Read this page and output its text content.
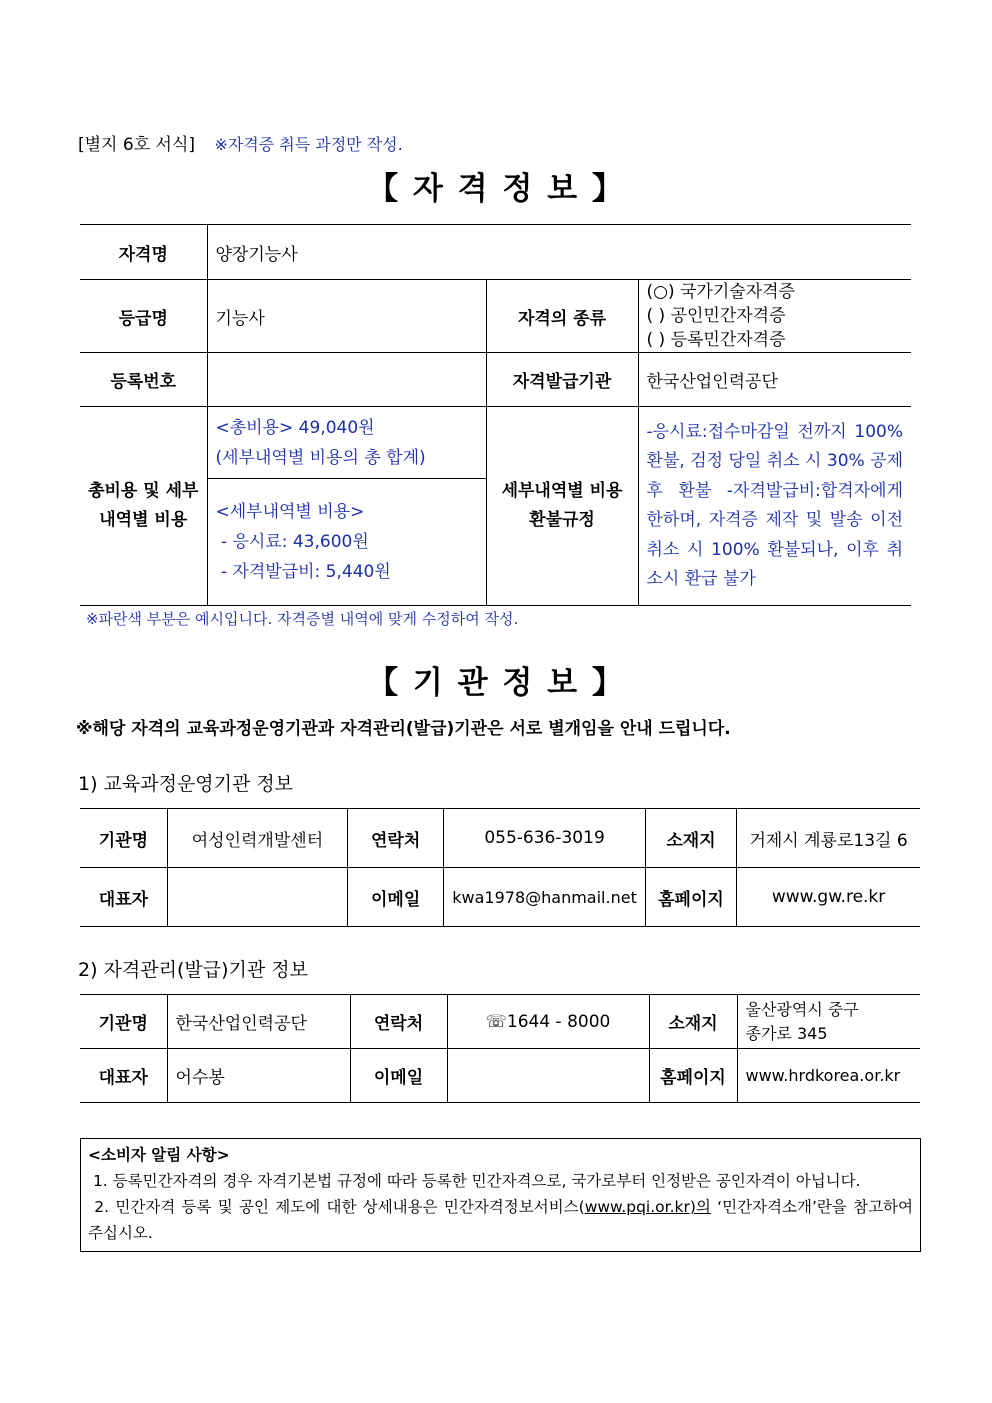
[별지 6호 서식] ※자격증 취득 과정만 작성.
【 자 격 정 보 】
자격명	양장기능사		
등급명	기능사	자격의 종류	(○) 국가기술자격증
( ) 공인민간자격증
( ) 등록민간자격증

등록번호		자격발급기관	한국산업인력공단
총비용 및 세부내역별 비용	<총비용> 49,040원
(세부내역별 비용의 총 합계)	세부내역별 비용 환불규정	-응시료:접수마감일 전까지 100% 환불, 검정 당일 취소 시 30% 공제 후 환불 -자격발급비:합격자에게 한하며, 자격증 제작 및 발송 이전 취소 시 100% 환불되나, 이후 취소시 환급 불가

	<세부내역별 비용>
- 응시료: 43,600원
- 자격발급비: 5,440원		
※파란색 부분은 예시입니다. 자격증별 내역에 맞게 수정하여 작성.
【 기 관 정 보 】
※해당 자격의 교육과정운영기관과 자격관리(발급)기관은 서로 별개임을 안내 드립니다.
1) 교육과정운영기관 정보
기관명	여성인력개발센터	연락처	055-636-3019	소재지	거제시 계룡로13길 6
대표자		이메일	kwa1978@hanmail.net	홈페이지	www.gw.re.kr
2) 자격관리(발급)기관 정보
기관명	한국산업인력공단	연락처	☏1644 - 8000	소재지	울산광역시 중구
종가로 345

대표자	어수봉	이메일		홈페이지	www.hrdkorea.or.kr
<소비자 알림 사항>
1. 등록민간자격의 경우 자격기본법 규정에 따라 등록한 민간자격으로, 국가로부터 인정받은 공인자격이 아닙니다.
2. 민간자격 등록 및 공인 제도에 대한 상세내용은 민간자격정보서비스(www.pqi.or.kr)의 ‘민간자격소개’란을 참고하여 주십시오.
